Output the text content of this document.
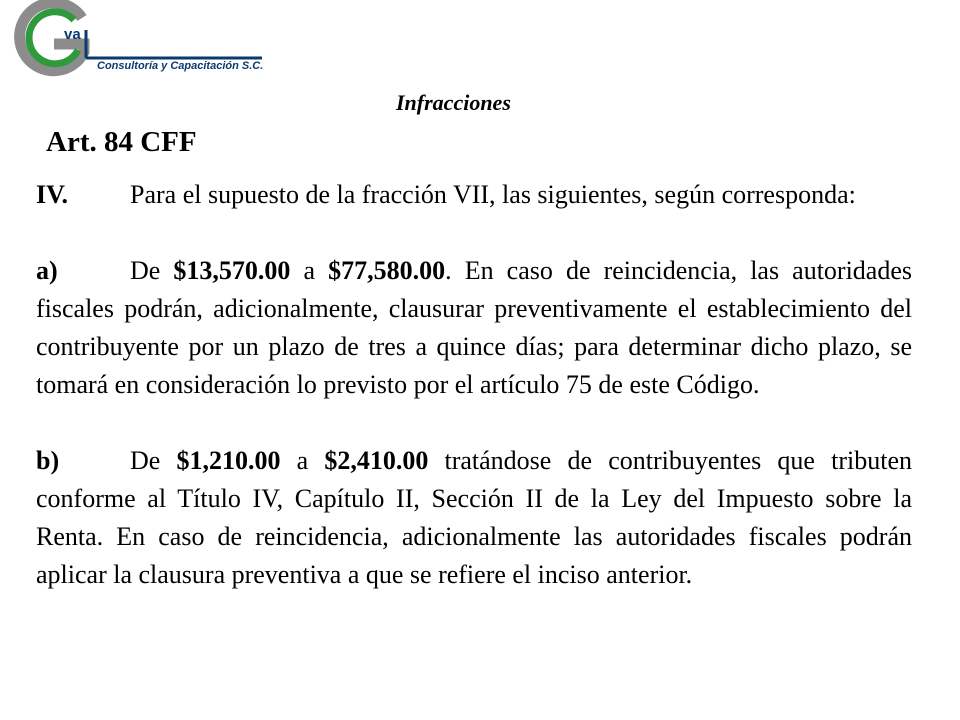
va
Consultoría y Capacitación S.C.
Infracciones
Art. 84 CFF

IV. Para el supuesto de la fracción VII, las siguientes, según corresponda:

a)	De $13,570.00 a $77,580.00. En caso de reincidencia, las autoridades fiscales podrán, adicionalmente, clausurar preventivamente el establecimiento del contribuyente por un plazo de tres a quince días; para determinar dicho plazo, se tomará en consideración lo previsto por el artículo 75 de este Código.

b)	De $1,210.00 a $2,410.00 tratándose de contribuyentes que tributen conforme al Título IV, Capítulo II, Sección II de la Ley del Impuesto sobre la Renta. En caso de reincidencia, adicionalmente las autoridades fiscales podrán aplicar la clausura preventiva a que se refiere el inciso anterior.
